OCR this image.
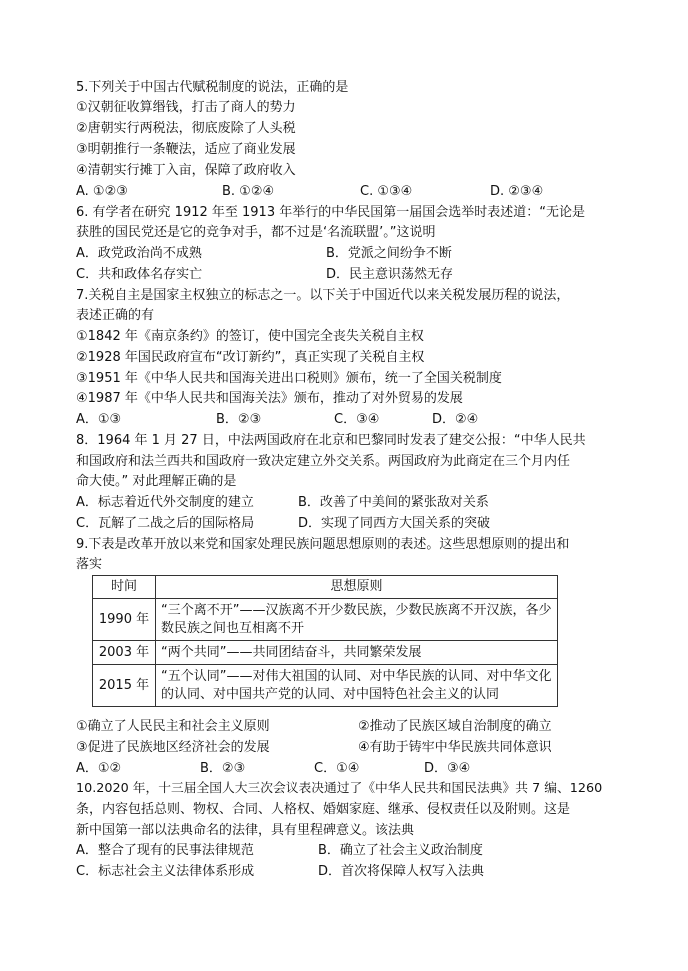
5.下列关于中国古代赋税制度的说法，正确的是
①汉朝征收算缗钱，打击了商人的势力
②唐朝实行两税法，彻底废除了人头税
③明朝推行一条鞭法，适应了商业发展
④清朝实行摊丁入亩，保障了政府收入
A. ①②③	B. ①②④	C. ①③④	D. ②③④
6. 有学者在研究 1912 年至 1913 年举行的中华民国第一届国会选举时表述道：“无论是
获胜的国民党还是它的竞争对手，都不过是‘名流联盟’。”这说明
A．政党政治尚不成熟	B．党派之间纷争不断
C．共和政体名存实亡	D．民主意识荡然无存
7.关税自主是国家主权独立的标志之一。以下关于中国近代以来关税发展历程的说法，
表述正确的有
①1842 年《南京条约》的签订，使中国完全丧失关税自主权
②1928 年国民政府宣布“改订新约”，真正实现了关税自主权
③1951 年《中华人民共和国海关进出口税则》颁布，统一了全国关税制度
④1987 年《中华人民共和国海关法》颁布，推动了对外贸易的发展
A．①③	B．②③	C．③④	D．②④
8．1964 年 1 月 27 日，中法两国政府在北京和巴黎同时发表了建交公报：“中华人民共
和国政府和法兰西共和国政府一致决定建立外交关系。两国政府为此商定在三个月内任
命大使。” 对此理解正确的是
A．标志着近代外交制度的建立	B．改善了中美间的紧张敌对关系
C．瓦解了二战之后的国际格局	D．实现了同西方大国关系的突破
9.下表是改革开放以来党和国家处理民族问题思想原则的表述。这些思想原则的提出和
落实
时间	思想原则
1990 年	“三个离不开”——汉族离不开少数民族，少数民族离不开汉族，各少数民族之间也互相离不开
2003 年	“两个共同”——共同团结奋斗，共同繁荣发展
2015 年	“五个认同”——对伟大祖国的认同、对中华民族的认同、对中华文化的认同、对中国共产党的认同、对中国特色社会主义的认同
①确立了人民民主和社会主义原则	②推动了民族区域自治制度的确立
③促进了民族地区经济社会的发展	④有助于铸牢中华民族共同体意识
A．①②	B．②③	C．①④	D．③④
10.2020 年，十三届全国人大三次会议表决通过了《中华人民共和国民法典》共 7 编、1260
条，内容包括总则、物权、合同、人格权、婚姻家庭、继承、侵权责任以及附则。这是
新中国第一部以法典命名的法律，具有里程碑意义。该法典
A．整合了现有的民事法律规范	B．确立了社会主义政治制度
C．标志社会主义法律体系形成	D．首次将保障人权写入法典
